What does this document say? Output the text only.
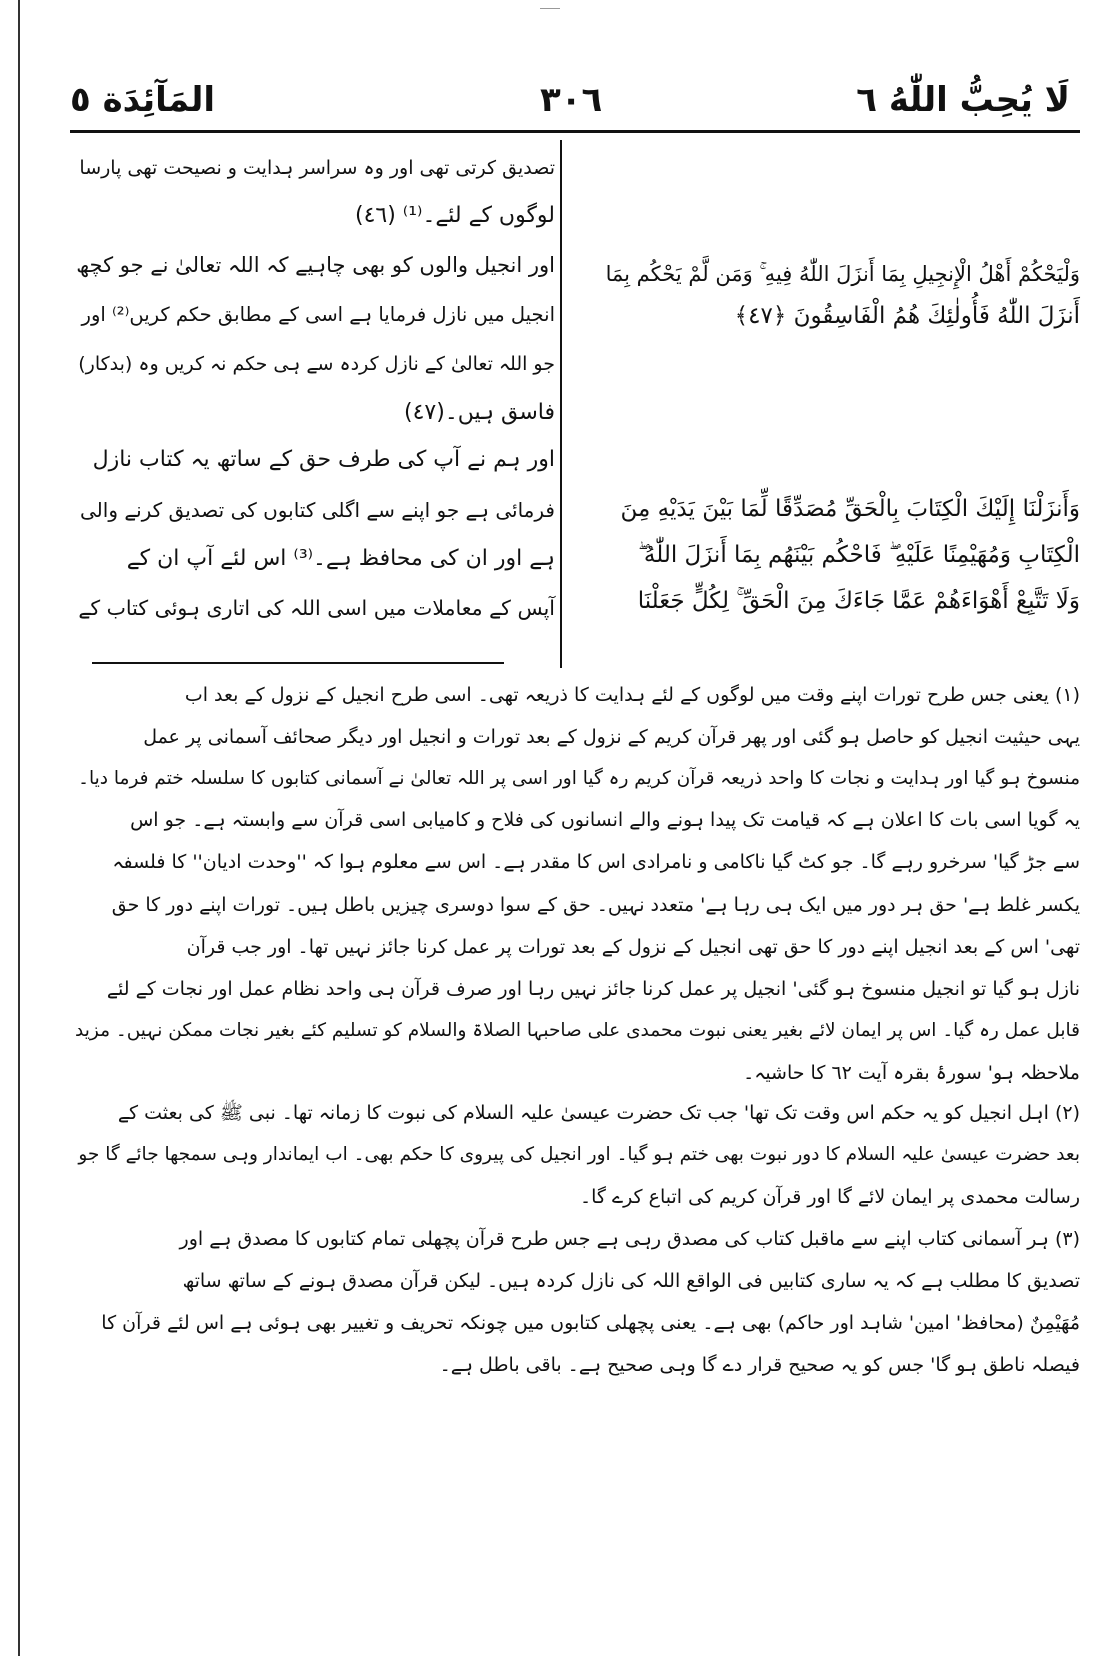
لَا يُحِبُّ اللّٰهُ ٦
٣٠٦
المَآئِدَة ٥
وَلْيَحْكُمْ أَهْلُ الْإِنجِيلِ بِمَا أَنزَلَ اللّٰهُ فِيهِ ۚ وَمَن لَّمْ يَحْكُم بِمَا
أَنزَلَ اللّٰهُ فَأُولٰئِكَ هُمُ الْفَاسِقُونَ ﴿٤٧﴾
وَأَنزَلْنَا إِلَيْكَ الْكِتَابَ بِالْحَقِّ مُصَدِّقًا لِّمَا بَيْنَ يَدَيْهِ مِنَ
الْكِتَابِ وَمُهَيْمِنًا عَلَيْهِ ۖ فَاحْكُم بَيْنَهُم بِمَا أَنزَلَ اللّٰهُ ۖ
وَلَا تَتَّبِعْ أَهْوَاءَهُمْ عَمَّا جَاءَكَ مِنَ الْحَقِّ ۚ لِكُلٍّ جَعَلْنَا
تصدیق کرتی تھی اور وہ سراسر ہدایت و نصیحت تھی پارسا
لوگوں کے لئے۔⁽¹⁾ (٤٦)
اور انجیل والوں کو بھی چاہیے کہ اللہ تعالیٰ نے جو کچھ
انجیل میں نازل فرمایا ہے اسی کے مطابق حکم کریں⁽²⁾ اور
جو اللہ تعالیٰ کے نازل کردہ سے ہی حکم نہ کریں وہ (بدکار)
فاسق ہیں۔(٤٧)
اور ہم نے آپ کی طرف حق کے ساتھ یہ کتاب نازل
فرمائی ہے جو اپنے سے اگلی کتابوں کی تصدیق کرنے والی
ہے اور ان کی محافظ ہے۔⁽³⁾ اس لئے آپ ان کے
آپس کے معاملات میں اسی اللہ کی اتاری ہوئی کتاب کے
(۱) یعنی جس طرح تورات اپنے وقت میں لوگوں کے لئے ہدایت کا ذریعہ تھی۔ اسی طرح انجیل کے نزول کے بعد اب
یہی حیثیت انجیل کو حاصل ہو گئی اور پھر قرآن کریم کے نزول کے بعد تورات و انجیل اور دیگر صحائف آسمانی پر عمل
منسوخ ہو گیا اور ہدایت و نجات کا واحد ذریعہ قرآن کریم رہ گیا اور اسی پر اللہ تعالیٰ نے آسمانی کتابوں کا سلسلہ ختم فرما دیا۔
یہ گویا اسی بات کا اعلان ہے کہ قیامت تک پیدا ہونے والے انسانوں کی فلاح و کامیابی اسی قرآن سے وابستہ ہے۔ جو اس
سے جڑ گیا' سرخرو رہے گا۔ جو کٹ گیا ناکامی و نامرادی اس کا مقدر ہے۔ اس سے معلوم ہوا کہ ''وحدت ادیان'' کا فلسفہ
یکسر غلط ہے' حق ہر دور میں ایک ہی رہا ہے' متعدد نہیں۔ حق کے سوا دوسری چیزیں باطل ہیں۔ تورات اپنے دور کا حق
تھی' اس کے بعد انجیل اپنے دور کا حق تھی انجیل کے نزول کے بعد تورات پر عمل کرنا جائز نہیں تھا۔ اور جب قرآن
نازل ہو گیا تو انجیل منسوخ ہو گئی' انجیل پر عمل کرنا جائز نہیں رہا اور صرف قرآن ہی واحد نظام عمل اور نجات کے لئے
قابل عمل رہ گیا۔ اس پر ایمان لائے بغیر یعنی نبوت محمدی علی صاحبہا الصلاۃ والسلام کو تسلیم کئے بغیر نجات ممکن نہیں۔ مزید
ملاحظہ ہو' سورۂ بقرہ آیت ٦٢ کا حاشیہ۔
(۲) اہل انجیل کو یہ حکم اس وقت تک تھا' جب تک حضرت عیسیٰ علیہ السلام کی نبوت کا زمانہ تھا۔ نبی ﷺ کی بعثت کے
بعد حضرت عیسیٰ علیہ السلام کا دور نبوت بھی ختم ہو گیا۔ اور انجیل کی پیروی کا حکم بھی۔ اب ایماندار وہی سمجھا جائے گا جو
رسالت محمدی پر ایمان لائے گا اور قرآن کریم کی اتباع کرے گا۔
(۳) ہر آسمانی کتاب اپنے سے ماقبل کتاب کی مصدق رہی ہے جس طرح قرآن پچھلی تمام کتابوں کا مصدق ہے اور
تصدیق کا مطلب ہے کہ یہ ساری کتابیں فی الواقع اللہ کی نازل کردہ ہیں۔ لیکن قرآن مصدق ہونے کے ساتھ ساتھ
مُهَيْمِنٌ (محافظ' امین' شاہد اور حاکم) بھی ہے۔ یعنی پچھلی کتابوں میں چونکہ تحریف و تغییر بھی ہوئی ہے اس لئے قرآن کا
فیصلہ ناطق ہو گا' جس کو یہ صحیح قرار دے گا وہی صحیح ہے۔ باقی باطل ہے۔
